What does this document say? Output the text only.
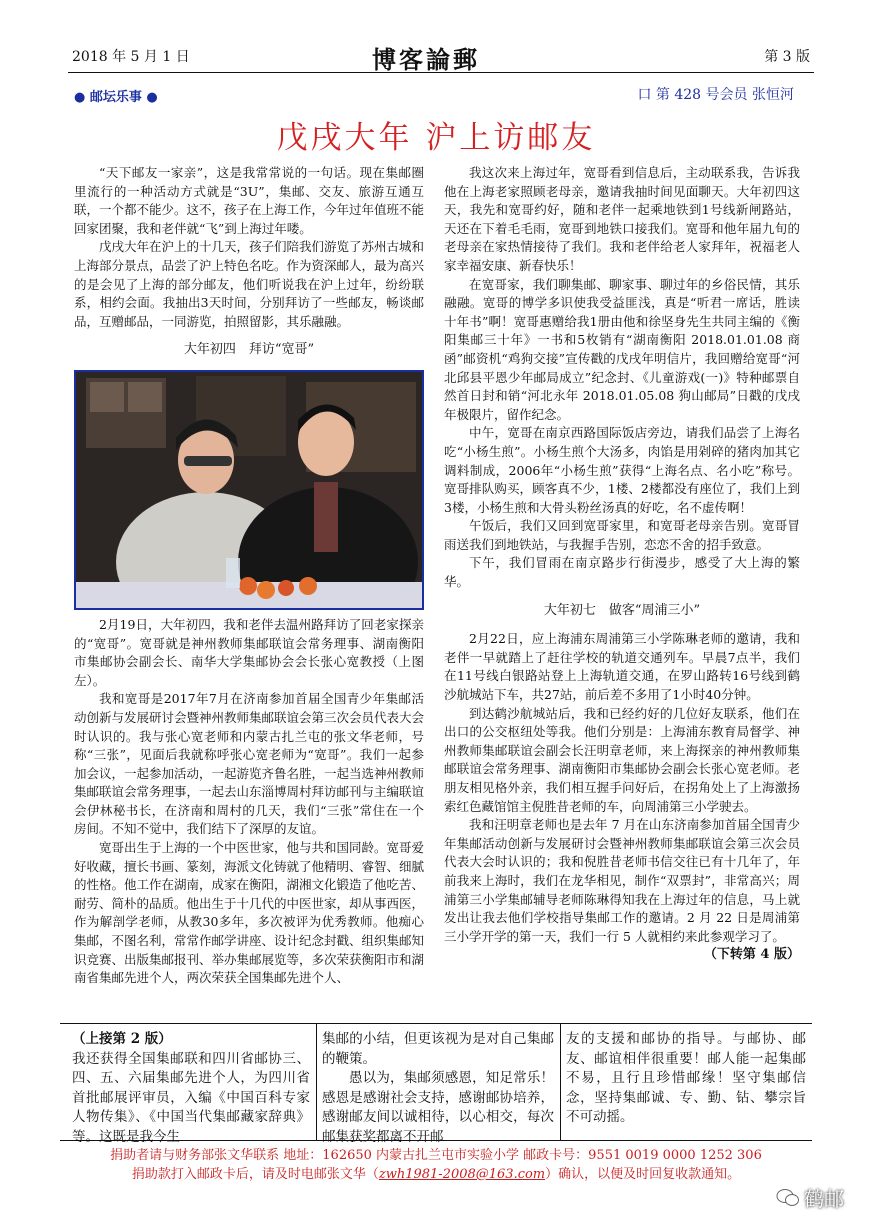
2018 年 5 月 1 日	博客論郵	第 3 版
● 邮坛乐事 ●	口 第 428 号会员 张恒河
戊戌大年 沪上访邮友

“天下邮友一家亲”，这是我常常说的一句话。现在集邮圈里流行的一种活动方式就是“3U”，集邮、交友、旅游互通互联，一个都不能少。这不，孩子在上海工作，今年过年值班不能回家团聚，我和老伴就“飞”到上海过年喽。

戊戌大年在沪上的十几天，孩子们陪我们游览了苏州古城和上海部分景点，品尝了沪上特色名吃。作为资深邮人，最为高兴的是会见了上海的部分邮友，他们听说我在沪上过年，纷纷联系，相约会面。我抽出3天时间，分别拜访了一些邮友，畅谈邮品，互赠邮品，一同游览，拍照留影，其乐融融。

大年初四　拜访“宽哥”

2月19日，大年初四，我和老伴去温州路拜访了回老家探亲的“宽哥”。宽哥就是神州教师集邮联谊会常务理事、湖南衡阳市集邮协会副会长、南华大学集邮协会会长张心宽教授（上图左）。

我和宽哥是2017年7月在济南参加首届全国青少年集邮活动创新与发展研讨会暨神州教师集邮联谊会第三次会员代表大会时认识的。我与张心宽老师和内蒙古扎兰屯的张文华老师，号称“三张”，见面后我就称呼张心宽老师为“宽哥”。我们一起参加会议，一起参加活动，一起游览齐鲁名胜，一起当选神州教师集邮联谊会常务理事，一起去山东淄博周村拜访邮刊与主编联谊会伊林秘书长，在济南和周村的几天，我们“三张”常住在一个房间。不知不觉中，我们结下了深厚的友谊。

宽哥出生于上海的一个中医世家，他与共和国同龄。宽哥爱好收藏，擅长书画、篆刻，海派文化铸就了他精明、睿智、细腻的性格。他工作在湖南，成家在衡阳，湖湘文化锻造了他吃苦、耐劳、简朴的品质。他出生于十几代的中医世家，却从事西医，作为解剖学老师，从教30多年，多次被评为优秀教师。他痴心集邮，不图名利，常常作邮学讲座、设计纪念封戳、组织集邮知识竞赛、出版集邮报刊、举办集邮展览等，多次荣获衡阳市和湖南省集邮先进个人，两次荣获全国集邮先进个人、

我这次来上海过年，宽哥看到信息后，主动联系我，告诉我他在上海老家照顾老母亲，邀请我抽时间见面聊天。大年初四这天，我先和宽哥约好，随和老伴一起乘地铁到1号线新闸路站，天还在下着毛毛雨，宽哥到地铁口接我们。宽哥和他年届九旬的老母亲在家热情接待了我们。我和老伴给老人家拜年，祝福老人家幸福安康、新春快乐！

在宽哥家，我们聊集邮、聊家事、聊过年的乡俗民情，其乐融融。宽哥的博学多识使我受益匪浅，真是“听君一席话，胜读十年书”啊！宽哥惠赠给我1册由他和徐坚身先生共同主编的《衡阳集邮三十年》一书和5枚销有“湖南衡阳 2018.01.01.08 商函”邮资机“鸡狗交接”宣传戳的戊戌年明信片，我回赠给宽哥“河北邱县平恩少年邮局成立”纪念封、《儿童游戏(一)》特种邮票自然首日封和销“河北永年 2018.01.05.08 狗山邮局”日戳的戊戌年极限片，留作纪念。

中午，宽哥在南京西路国际饭店旁边，请我们品尝了上海名吃“小杨生煎”。小杨生煎个大汤多，肉馅是用剁碎的猪肉加其它调料制成，2006年“小杨生煎”获得“上海名点、名小吃”称号。宽哥排队购买，顾客真不少，1楼、2楼都没有座位了，我们上到3楼，小杨生煎和大骨头粉丝汤真的好吃，名不虚传啊！

午饭后，我们又回到宽哥家里，和宽哥老母亲告别。宽哥冒雨送我们到地铁站，与我握手告别，恋恋不舍的招手致意。

下午，我们冒雨在南京路步行街漫步，感受了大上海的繁华。

大年初七　做客“周浦三小”

2月22日，应上海浦东周浦第三小学陈琳老师的邀请，我和老伴一早就踏上了赶往学校的轨道交通列车。早晨7点半，我们在11号线白银路站登上上海轨道交通，在罗山路转16号线到鹤沙航城站下车，共27站，前后差不多用了1小时40分钟。

到达鹤沙航城站后，我和已经约好的几位好友联系，他们在出口的公交枢纽处等我。他们分别是：上海浦东教育局督学、神州教师集邮联谊会副会长汪明章老师，来上海探亲的神州教师集邮联谊会常务理事、湖南衡阳市集邮协会副会长张心宽老师。老朋友相见格外亲，我们相互握手问好后，在拐角处上了上海激扬索红色藏馆馆主倪胜昔老师的车，向周浦第三小学驶去。

我和汪明章老师也是去年 7 月在山东济南参加首届全国青少年集邮活动创新与发展研讨会暨神州教师集邮联谊会第三次会员代表大会时认识的；我和倪胜昔老师书信交往已有十几年了，年前我来上海时，我们在龙华相见，制作“双票封”，非常高兴；周浦第三小学集邮辅导老师陈琳得知我在上海过年的信息，马上就发出让我去他们学校指导集邮工作的邀请。2 月 22 日是周浦第三小学开学的第一天，我们一行 5 人就相约来此参观学习了。

（下转第 4 版）

（上接第 2 版）

我还获得全国集邮联和四川省邮协三、四、五、六届集邮先进个人，为四川省首批邮展评审员，入编《中国百科专家人物传集》、《中国当代集邮藏家辞典》等。这既是我今生

集邮的小结，但更该视为是对自己集邮的鞭策。

愚以为，集邮须感恩，知足常乐！感恩是感谢社会支持，感谢邮协培养，感谢邮友间以诚相待，以心相交，每次邮集获奖都离不开邮

友的支援和邮协的指导。与邮协、邮友、邮谊相伴很重要！邮人能一起集邮不易，且行且珍惜邮缘！坚守集邮信念，坚持集邮诚、专、勤、钻、攀宗旨不可动摇。

捐助者请与财务部张文华联系 地址：162650 内蒙古扎兰屯市实验小学 邮政卡号：9551 0019 0000 1252 306
捐助款打入邮政卡后，请及时电邮张文华（zwh1981-2008@163.com）确认，以便及时回复收款通知。
鹤邮
